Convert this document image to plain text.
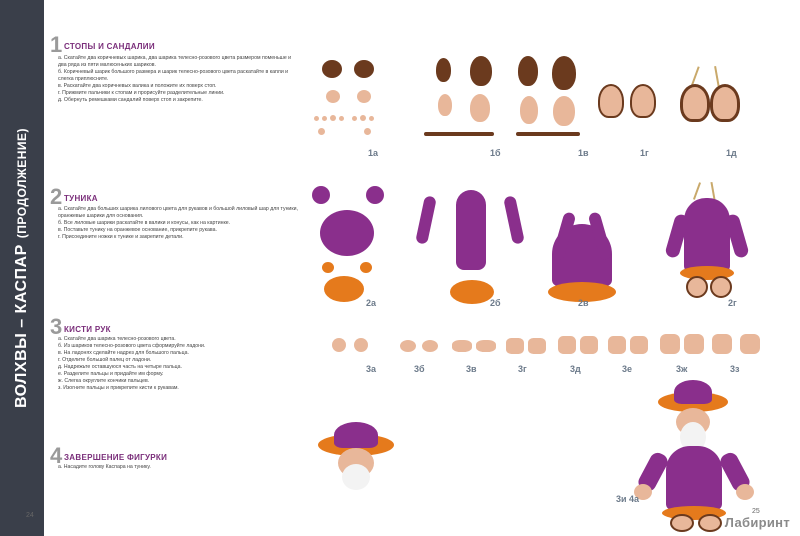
ВОЛХВЫ – КАСПАР(ПРОДОЛЖЕНИЕ)
1 СТОПЫ И САНДАЛИИ
а. Скатайте два коричневых шарика, два шарика телесно-розового цвета размером поменьше и два ряда из пяти малюсеньких шариков.
б. Коричневый шарик большого размера и шарик телесно-розового цвета раскатайте в капли и слегка приплюсните.
в. Раскатайте два коричневых валика и положите их поверх стоп.
г. Прижмите пальчики к стопам и прорисуйте разделительные линии.
д. Обернуть ремешками сандалий поверх стоп и закрепите.
2 ТУНИКА
а. Скатайте два больших шарика лилового цвета для рукавов и большой лиловый шар для туники, оранжевые шарики для основания.
б. Все лиловые шарики раскатайте в валики и конусы, как на картинке.
в. Поставьте тунику на оранжевое основание, прикрепите рукава.
г. Присоедините ножки к тунике и закрепите детали.
3 КИСТИ РУК
а. Скатайте два шарика телесно-розового цвета.
б. Из шариков телесно-розового цвета сформируйте ладони.
в. На ладонях сделайте надрез для большого пальца.
г. Отделите большой палец от ладони.
д. Надрежьте оставшуюся часть на четыре пальца.
е. Разделите пальцы и придайте им форму.
ж. Слегка округлите кончики пальцев.
з. Изогните пальцы и прикрепите кисти к рукавам.
4 ЗАВЕРШЕНИЕ ФИГУРКИ
а. Насадите голову Каспара на тунику.
24
25
1а	1б	1в	1г	1д
2а	2б	2в	2г
3а	3б	3в	3г	3д	3е	3ж	3з
3и 4а
Лабиринт
